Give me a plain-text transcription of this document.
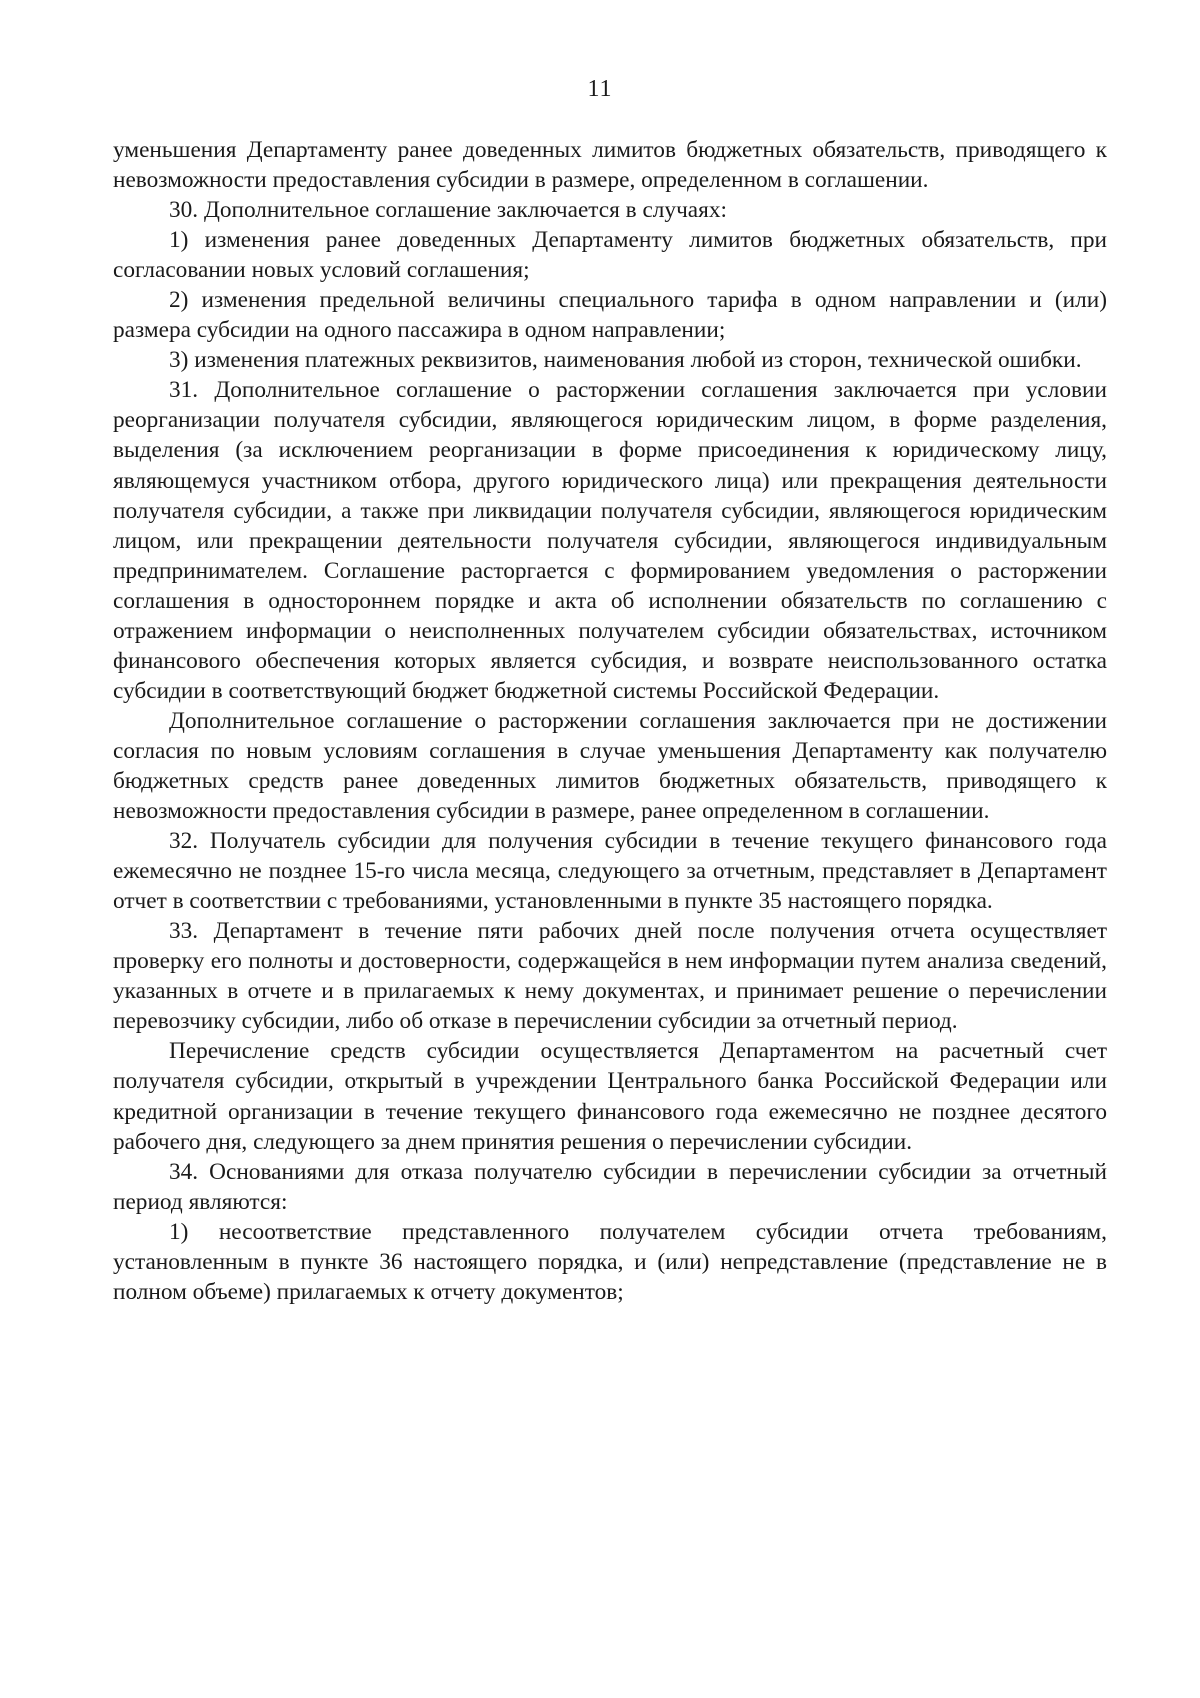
11

уменьшения Департаменту ранее доведенных лимитов бюджетных обязательств, приводящего к невозможности предоставления субсидии в размере, определенном в соглашении.

30. Дополнительное соглашение заключается в случаях:

1) изменения ранее доведенных Департаменту лимитов бюджетных обязательств, при согласовании новых условий соглашения;

2) изменения предельной величины специального тарифа в одном направлении и (или) размера субсидии на одного пассажира в одном направлении;

3) изменения платежных реквизитов, наименования любой из сторон, технической ошибки.

31. Дополнительное соглашение о расторжении соглашения заключается при условии реорганизации получателя субсидии, являющегося юридическим лицом, в форме разделения, выделения (за исключением реорганизации в форме присоединения к юридическому лицу, являющемуся участником отбора, другого юридического лица) или прекращения деятельности получателя субсидии, а также при ликвидации получателя субсидии, являющегося юридическим лицом, или прекращении деятельности получателя субсидии, являющегося индивидуальным предпринимателем. Соглашение расторгается с формированием уведомления о расторжении соглашения в одностороннем порядке и акта об исполнении обязательств по соглашению с отражением информации о неисполненных получателем субсидии обязательствах, источником финансового обеспечения которых является субсидия, и возврате неиспользованного остатка субсидии в соответствующий бюджет бюджетной системы Российской Федерации.

Дополнительное соглашение о расторжении соглашения заключается при не достижении согласия по новым условиям соглашения в случае уменьшения Департаменту как получателю бюджетных средств ранее доведенных лимитов бюджетных обязательств, приводящего к невозможности предоставления субсидии в размере, ранее определенном в соглашении.

32. Получатель субсидии для получения субсидии в течение текущего финансового года ежемесячно не позднее 15-го числа месяца, следующего за отчетным, представляет в Департамент отчет в соответствии с требованиями, установленными в пункте 35 настоящего порядка.

33. Департамент в течение пяти рабочих дней после получения отчета осуществляет проверку его полноты и достоверности, содержащейся в нем информации путем анализа сведений, указанных в отчете и в прилагаемых к нему документах, и принимает решение о перечислении перевозчику субсидии, либо об отказе в перечислении субсидии за отчетный период.

Перечисление средств субсидии осуществляется Департаментом на расчетный счет получателя субсидии, открытый в учреждении Центрального банка Российской Федерации или кредитной организации в течение текущего финансового года ежемесячно не позднее десятого рабочего дня, следующего за днем принятия решения о перечислении субсидии.

34. Основаниями для отказа получателю субсидии в перечислении субсидии за отчетный период являются:

1) несоответствие представленного получателем субсидии отчета требованиям, установленным в пункте 36 настоящего порядка, и (или) непредставление (представление не в полном объеме) прилагаемых к отчету документов;
